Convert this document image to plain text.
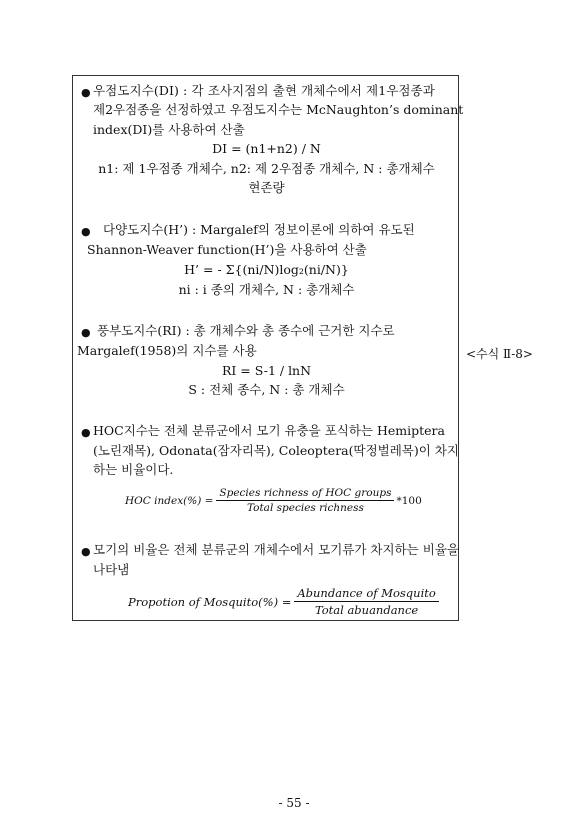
● 우점도지수(DI) : 각 조사지점의 출현 개체수에서 제1우점종과
제2우점종을 선정하였고 우점도지수는 McNaughton’s dominant
index(DI)를 사용하여 산출
DI = (n1+n2) / N
n1: 제 1우점종 개체수, n2: 제 2우점종 개체수, N : 총개체수
현존량
● 다양도지수(H’) : Margalef의 정보이론에 의하여 유도된
Shannon-Weaver function(H’)을 사용하여 산출
H’ = - Σ{(ni/N)log₂(ni/N)}
ni : i 종의 개체수, N : 총개체수
● 풍부도지수(RI) : 총 개체수와 총 종수에 근거한 지수로
Margalef(1958)의 지수를 사용
RI = S-1 / lnN
S : 전체 종수, N : 총 개체수
● HOC지수는 전체 분류군에서 모기 유충을 포식하는 Hemiptera
(노린재목), Odonata(잠자리목), Coleoptera(딱정벌레목)이 차지
하는 비율이다.
HOC index(%) = $\frac{\text{Species richness of HOC groups}}{\text{Total species richness}} *100$
● 모기의 비율은 전체 분류군의 개체수에서 모기류가 차지하는 비율을
나타냄
Propotion of Mosquito(%) = $\frac{\text{Abundance of Mosquito}}{\text{Total abuandance}}$
<수식 Ⅱ-8>
- 55 -
